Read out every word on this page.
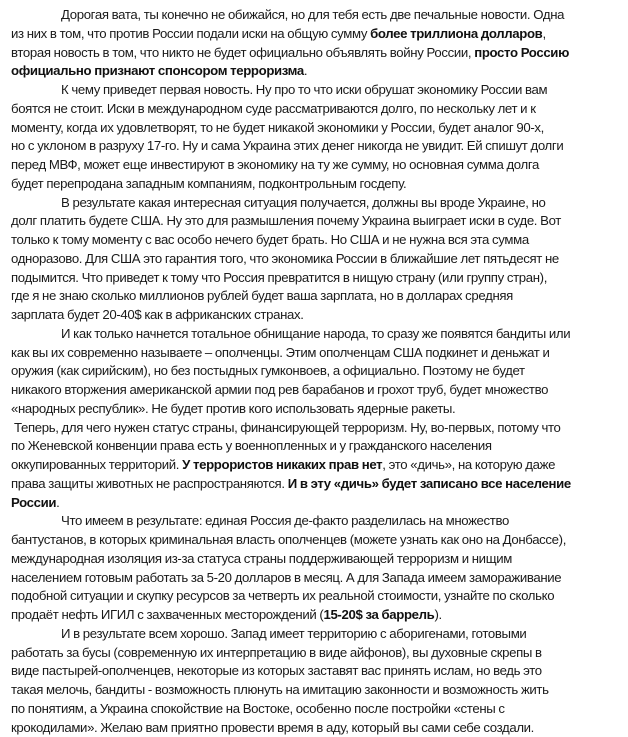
Дорогая вата, ты конечно не обижайся, но для тебя есть две печальные новости. Одна
из них в том, что против России подали иски на общую сумму более триллиона долларов,
вторая новость в том, что никто не будет официально объявлять войну России, просто Россию
официально признают спонсором терроризма.
К чему приведет первая новость. Ну про то что иски обрушат экономику России вам
боятся не стоит. Иски в международном суде рассматриваются долго, по нескольку лет и к
моменту, когда их удовлетворят, то не будет никакой экономики у России, будет аналог 90-х,
но с уклоном в разруху 17-го. Ну и сама Украина этих денег никогда не увидит. Ей спишут долги
перед МВФ, может еще инвестируют в экономику на ту же сумму, но основная сумма долга
будет перепродана западным компаниям, подконтрольным госдепу.
В результате какая интересная ситуация получается, должны вы вроде Украине, но
долг платить будете США. Ну это для размышления почему Украина выиграет иски в суде. Вот
только к тому моменту с вас особо нечего будет брать. Но США и не нужна вся эта сумма
одноразово. Для США это гарантия того, что экономика России в ближайшие лет пятьдесят не
подымится. Что приведет к тому что Россия превратится в нищую страну (или группу стран),
где я не знаю сколько миллионов рублей будет ваша зарплата, но в долларах средняя
зарплата будет 20-40$ как в африканских странах.
И как только начнется тотальное обнищание народа, то сразу же появятся бандиты или
как вы их современно называете – ополченцы. Этим ополченцам США подкинет и деньжат и
оружия (как сирийским), но без постыдных гумконвоев, а официально. Поэтому не будет
никакого вторжения американской армии под рев барабанов и грохот труб, будет множество
«народных республик». Не будет против кого использовать ядерные ракеты.
Теперь, для чего нужен статус страны, финансирующей терроризм. Ну, во-первых, потому что
по Женевской конвенции права есть у военнопленных и у гражданского населения
оккупированных территорий. У террористов никаких прав нет, это «дичь», на которую даже
права защиты животных не распространяются. И в эту «дичь» будет записано все население
России.
Что имеем в результате: единая Россия де-факто разделилась на множество
бантустанов, в которых криминальная власть ополченцев (можете узнать как оно на Донбассе),
международная изоляция из-за статуса страны поддерживающей терроризм и нищим
населением готовым работать за 5-20 долларов в месяц. А для Запада имеем замораживание
подобной ситуации и скупку ресурсов за четверть их реальной стоимости, узнайте по сколько
продаёт нефть ИГИЛ с захваченных месторождений (15-20$ за баррель).
И в результате всем хорошо. Запад имеет территорию с аборигенами, готовыми
работать за бусы (современную их интерпретацию в виде айфонов), вы духовные скрепы в
виде пастырей-ополченцев, некоторые из которых заставят вас принять ислам, но ведь это
такая мелочь, бандиты - возможность плюнуть на имитацию законности и возможность жить
по понятиям, а Украина спокойствие на Востоке, особенно после постройки «стены с
крокодилами». Желаю вам приятно провести время в аду, который вы сами себе создали.
